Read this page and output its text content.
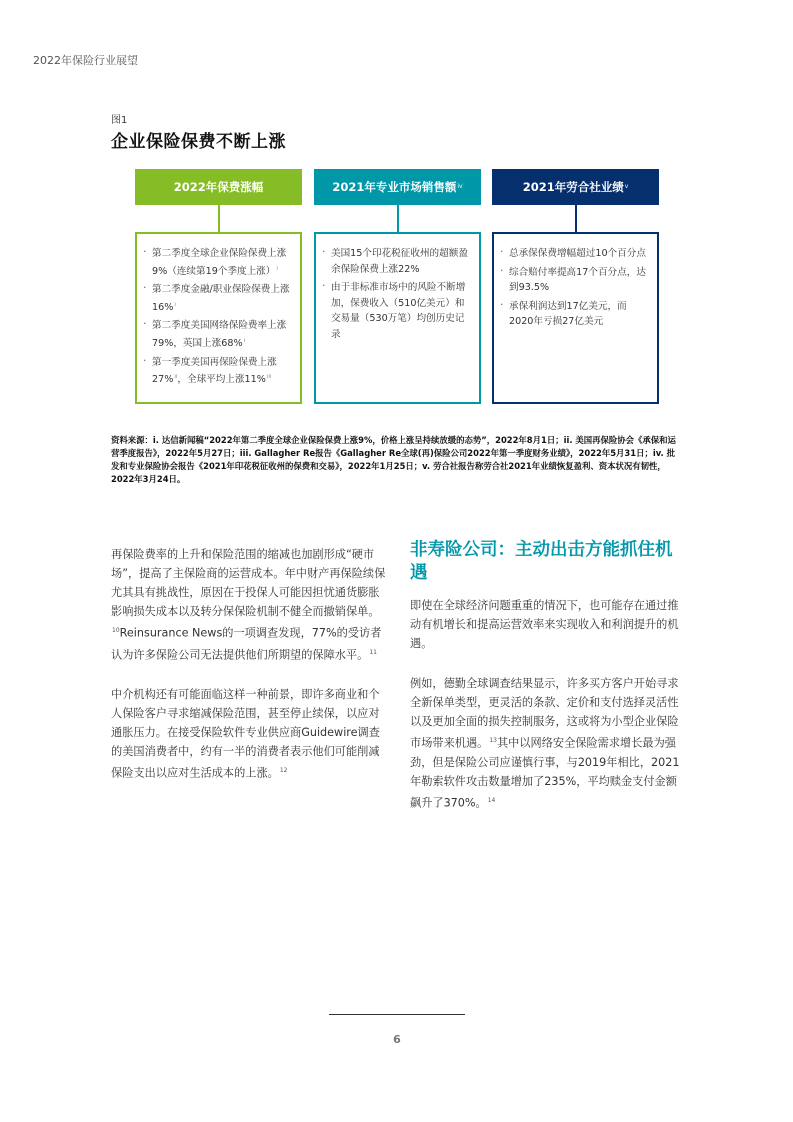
2022年保险行业展望
图1
企业保险保费不断上涨
2022年保费涨幅
· 第二季度全球企业保险保费上涨9%（连续第19个季度上涨）$^i$
· 第二季度金融/职业保险保费上涨16%$^i$
· 第二季度美国网络保险费率上涨79%，英国上涨68%$^i$
· 第一季度美国再保险保费上涨27%$^{ii}$，全球平均上涨11%$^{iii}$
2021年专业市场销售额$^{iv}$
· 美国15个印花税征收州的超额盈余保险保费上涨22%
· 由于非标准市场中的风险不断增加，保费收入（510亿美元）和交易量（530万笔）均创历史记录
2021年劳合社业绩$^v$
· 总承保保费增幅超过10个百分点
· 综合赔付率提高17个百分点，达到93.5%
· 承保利润达到17亿美元，而2020年亏损27亿美元
资料来源：i. 达信新闻稿“2022年第二季度全球企业保险保费上涨9%，价格上涨呈持续放缓的态势”，2022年8月1日；ii. 美国再保险协会《承保和运营季度报告》，2022年5月27日；iii. Gallagher Re报告《Gallagher Re全球(再)保险公司2022年第一季度财务业绩》，2022年5月31日；iv. 批发和专业保险协会报告《2021年印花税征收州的保费和交易》，2022年1月25日；v. 劳合社报告称劳合社2021年业绩恢复盈利、资本状况有韧性，2022年3月24日。

再保险费率的上升和保险范围的缩减也加剧形成“硬市场”，提高了主保险商的运营成本。年中财产再保险续保尤其具有挑战性，原因在于投保人可能因担忧通货膨胀影响损失成本以及转分保保险机制不健全而撤销保单。$^{10}$Reinsurance News的一项调查发现，77%的受访者认为许多保险公司无法提供他们所期望的保障水平。$^{11}$

中介机构还有可能面临这样一种前景，即许多商业和个人保险客户寻求缩减保险范围，甚至停止续保，以应对通胀压力。在接受保险软件专业供应商Guidewire调查的美国消费者中，约有一半的消费者表示他们可能削减保险支出以应对生活成本的上涨。$^{12}$

非寿险公司：主动出击方能抓住机遇

即使在全球经济问题重重的情况下，也可能存在通过推动有机增长和提高运营效率来实现收入和利润提升的机遇。

例如，德勤全球调查结果显示，许多买方客户开始寻求全新保单类型，更灵活的条款、定价和支付选择灵活性以及更加全面的损失控制服务，这或将为小型企业保险市场带来机遇。$^{13}$其中以网络安全保险需求增长最为强劲，但是保险公司应谨慎行事，与2019年相比，2021年勒索软件攻击数量增加了235%，平均赎金支付金额飙升了370%。$^{14}$

6
